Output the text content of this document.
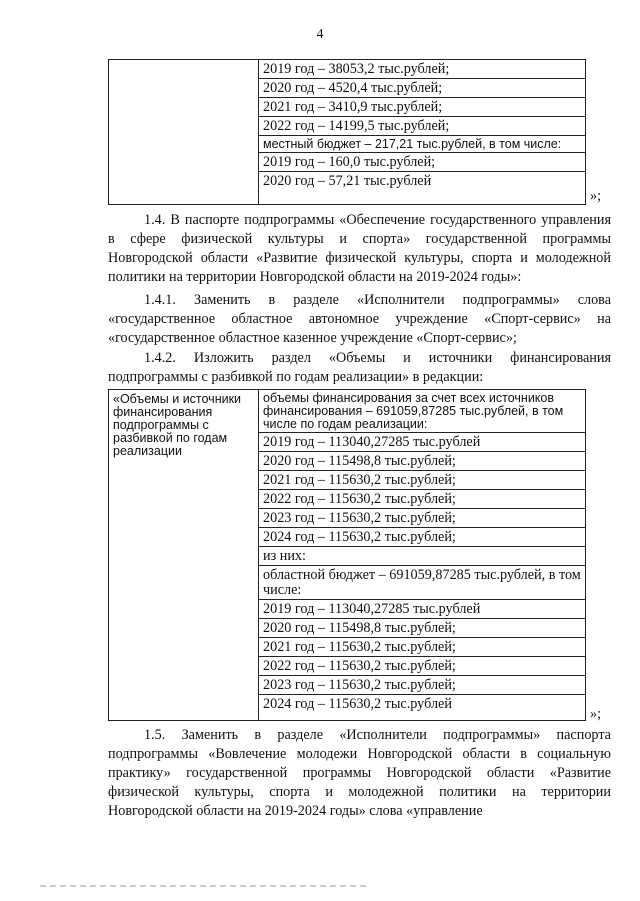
4
2019 год – 38053,2 тыс.рублей;
2020 год – 4520,4 тыс.рублей;
2021 год – 3410,9 тыс.рублей;
2022 год – 14199,5 тыс.рублей;
местный бюджет – 217,21 тыс.рублей, в том числе:
2019 год – 160,0 тыс.рублей;
2020 год – 57,21 тыс.рублей
»;
1.4. В паспорте подпрограммы «Обеспечение государственного управления в сфере физической культуры и спорта» государственной программы Новгородской области «Развитие физической культуры, спорта и молодежной политики на территории Новгородской области на 2019-2024 годы»:
1.4.1. Заменить в разделе «Исполнители подпрограммы» слова «государственное областное автономное учреждение «Спорт-сервис» на «государственное областное казенное учреждение «Спорт-сервис»;
1.4.2. Изложить раздел «Объемы и источники финансирования подпрограммы с разбивкой по годам реализации» в редакции:
«Объемы и источники финансирования подпрограммы с разбивкой по годам реализации
объемы финансирования за счет всех источников финансирования – 691059,87285 тыс.рублей, в том числе по годам реализации:
2019 год – 113040,27285 тыс.рублей
2020 год – 115498,8 тыс.рублей;
2021 год – 115630,2 тыс.рублей;
2022 год – 115630,2 тыс.рублей;
2023 год – 115630,2 тыс.рублей;
2024 год – 115630,2 тыс.рублей;
из них:
областной бюджет – 691059,87285 тыс.рублей, в том числе:
2019 год – 113040,27285 тыс.рублей
2020 год – 115498,8 тыс.рублей;
2021 год – 115630,2 тыс.рублей;
2022 год – 115630,2 тыс.рублей;
2023 год – 115630,2 тыс.рублей;
2024 год – 115630,2 тыс.рублей
»;
1.5. Заменить в разделе «Исполнители подпрограммы» паспорта подпрограммы «Вовлечение молодежи Новгородской области в социальную практику» государственной программы Новгородской области «Развитие физической культуры, спорта и молодежной политики на территории Новгородской области на 2019-2024 годы» слова «управление
